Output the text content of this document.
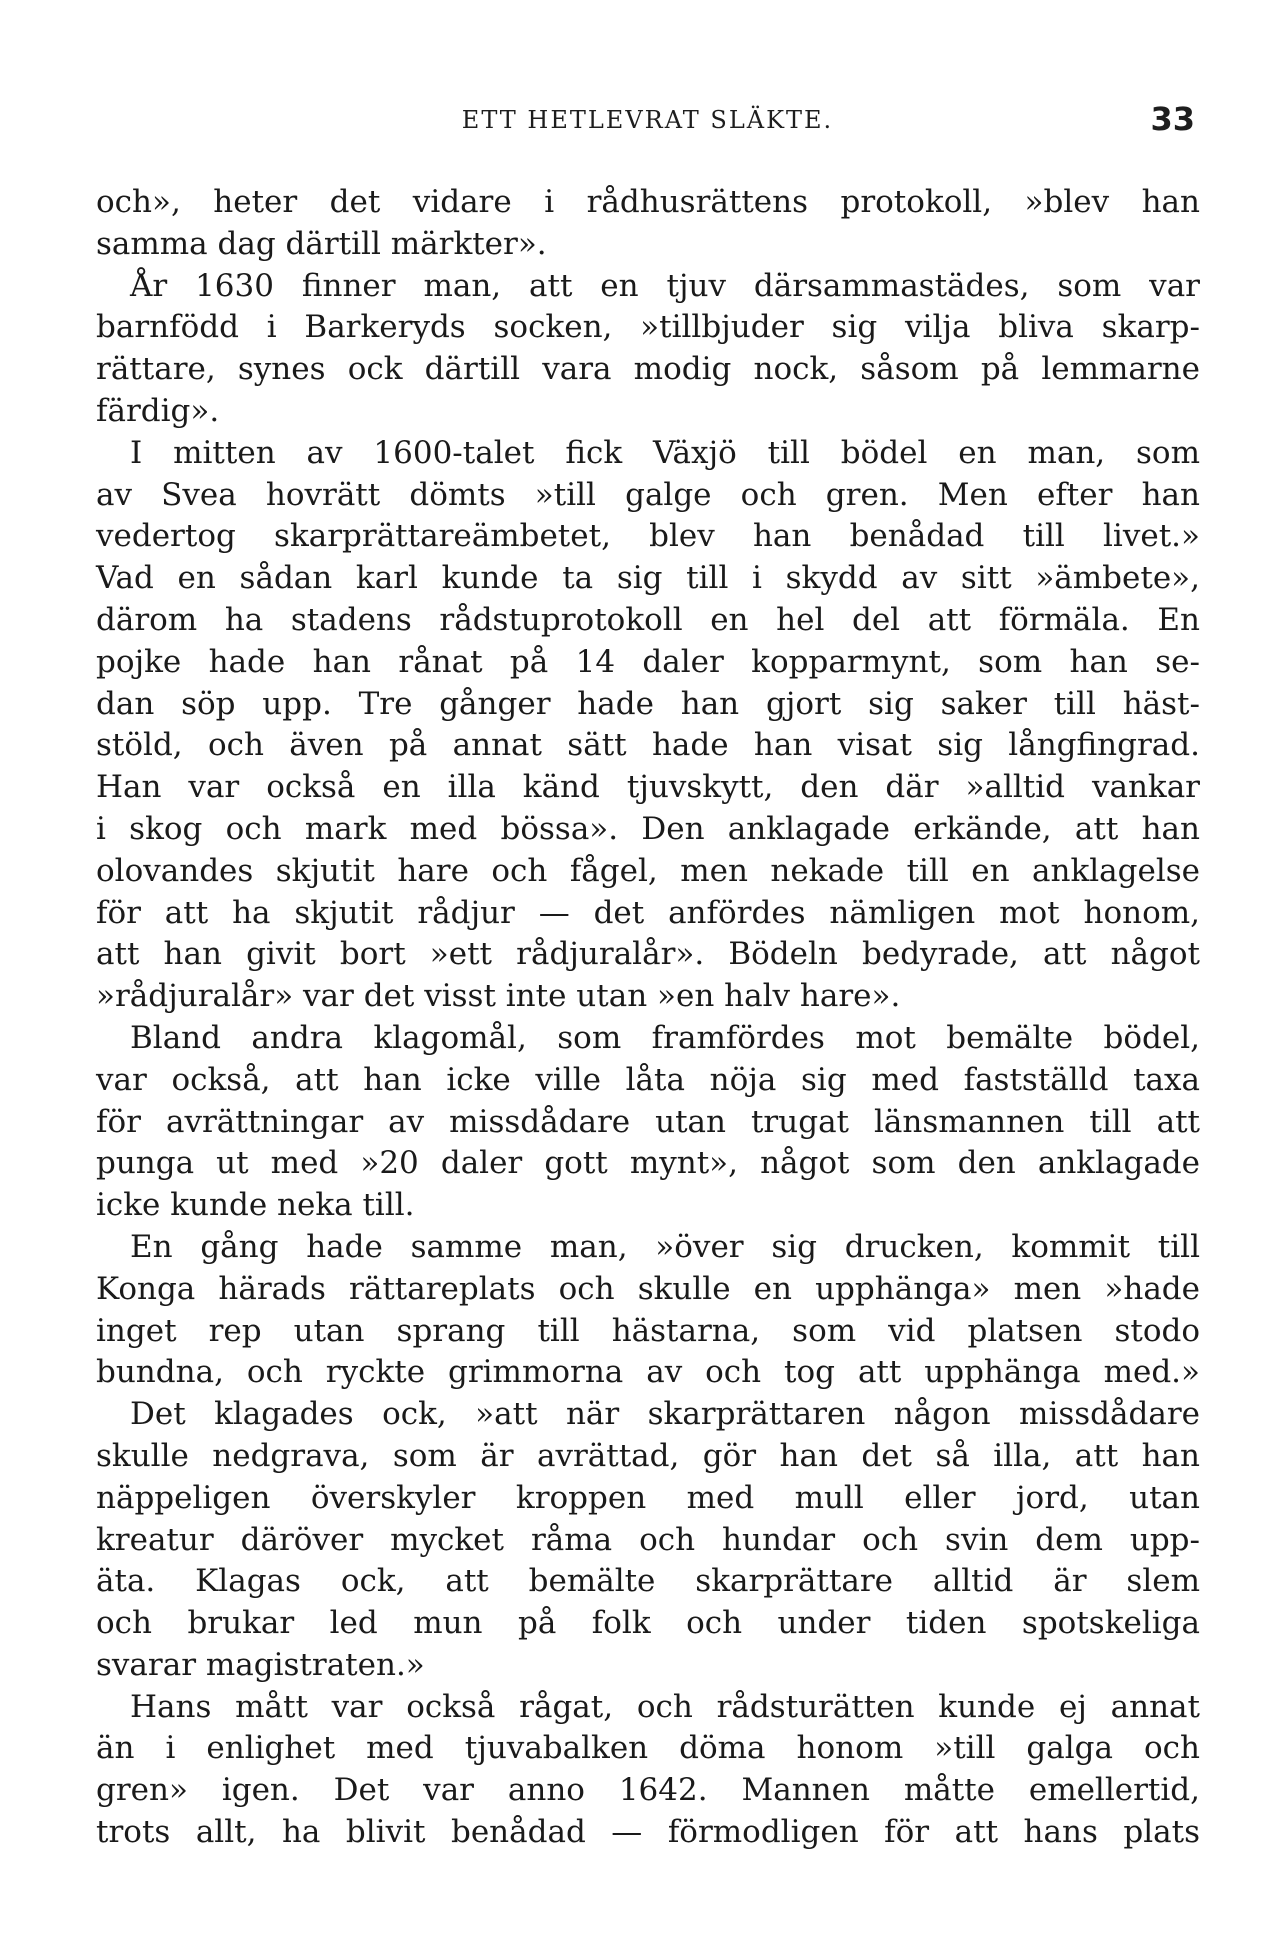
ETT HETLEVRAT SLÄKTE.	33
och», heter det vidare i rådhusrättens protokoll, »blev han
samma dag därtill märkter».
År 1630 finner man, att en tjuv därsammastädes, som var
barnfödd i Barkeryds socken, »tillbjuder sig vilja bliva skarp-
rättare, synes ock därtill vara modig nock, såsom på lemmarne
färdig».
I mitten av 1600-talet fick Växjö till bödel en man, som
av Svea hovrätt dömts »till galge och gren. Men efter han
vedertog skarprättareämbetet, blev han benådad till livet.»
Vad en sådan karl kunde ta sig till i skydd av sitt »ämbete»,
därom ha stadens rådstuprotokoll en hel del att förmäla. En
pojke hade han rånat på 14 daler kopparmynt, som han se-
dan söp upp. Tre gånger hade han gjort sig saker till häst-
stöld, och även på annat sätt hade han visat sig långfingrad.
Han var också en illa känd tjuvskytt, den där »alltid vankar
i skog och mark med bössa». Den anklagade erkände, att han
olovandes skjutit hare och fågel, men nekade till en anklagelse
för att ha skjutit rådjur — det anfördes nämligen mot honom,
att han givit bort »ett rådjuralår». Bödeln bedyrade, att något
»rådjuralår» var det visst inte utan »en halv hare».
Bland andra klagomål, som framfördes mot bemälte bödel,
var också, att han icke ville låta nöja sig med fastställd taxa
för avrättningar av missdådare utan trugat länsmannen till att
punga ut med »20 daler gott mynt», något som den anklagade
icke kunde neka till.
En gång hade samme man, »över sig drucken, kommit till
Konga härads rättareplats och skulle en upphänga» men »hade
inget rep utan sprang till hästarna, som vid platsen stodo
bundna, och ryckte grimmorna av och tog att upphänga med.»
Det klagades ock, »att när skarprättaren någon missdådare
skulle nedgrava, som är avrättad, gör han det så illa, att han
näppeligen överskyler kroppen med mull eller jord, utan
kreatur däröver mycket råma och hundar och svin dem upp-
äta. Klagas ock, att bemälte skarprättare alltid är slem
och brukar led mun på folk och under tiden spotskeliga
svarar magistraten.»
Hans mått var också rågat, och rådsturätten kunde ej annat
än i enlighet med tjuvabalken döma honom »till galga och
gren» igen. Det var anno 1642. Mannen måtte emellertid,
trots allt, ha blivit benådad — förmodligen för att hans plats
